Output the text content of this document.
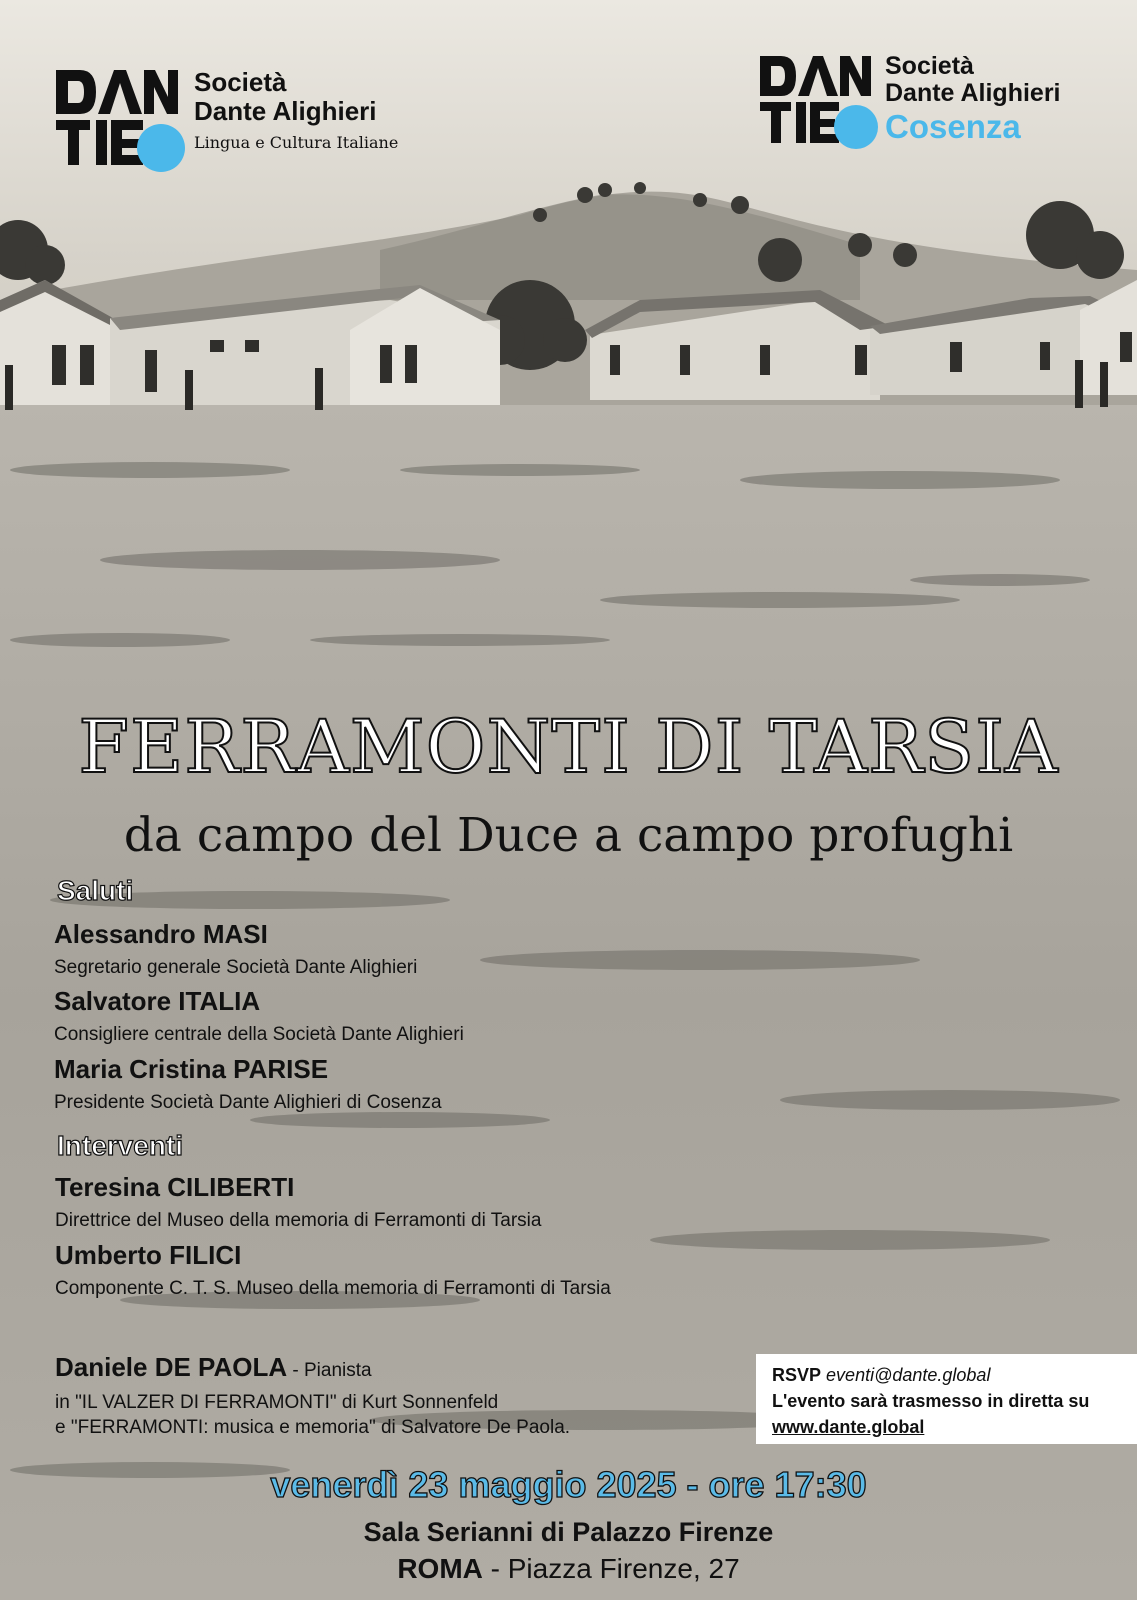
Società
Dante Alighieri
Lingua e Cultura Italiane
Società
Dante Alighieri
Cosenza
FERRAMONTI DI TARSIA
da campo del Duce a campo profughi
Saluti
Alessandro MASI
Segretario generale Società Dante Alighieri
Salvatore ITALIA
Consigliere centrale della Società Dante Alighieri
Maria Cristina PARISE
Presidente Società Dante Alighieri di Cosenza
Interventi
Teresina CILIBERTI
Direttrice del Museo della memoria di Ferramonti di Tarsia
Umberto FILICI
Componente C. T. S. Museo della memoria di Ferramonti di Tarsia
Daniele DE PAOLA - Pianista
in "IL VALZER DI FERRAMONTI" di Kurt Sonnenfeld
e "FERRAMONTI: musica e memoria" di Salvatore De Paola.
RSVP eventi@dante.global
L'evento sarà trasmesso in diretta su
www.dante.global
venerdì 23 maggio 2025 - ore 17:30
Sala Serianni di Palazzo Firenze
ROMA - Piazza Firenze, 27
